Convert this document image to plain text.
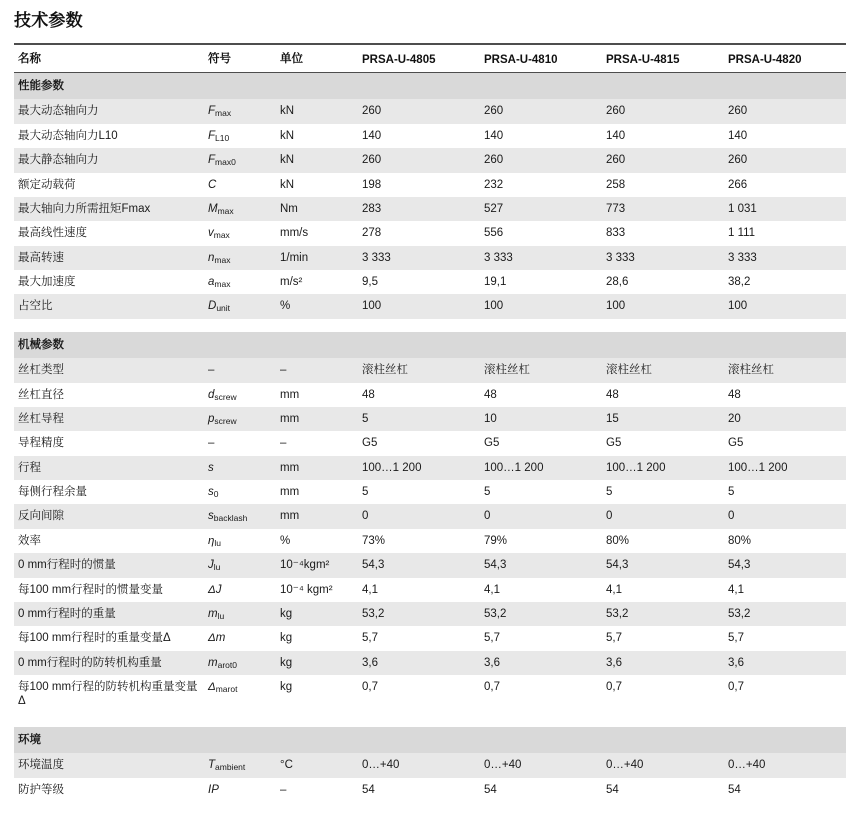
技术参数
名称	符号	单位	PRSA-U-4805	PRSA-U-4810	PRSA-U-4815	PRSA-U-4820
性能参数						
最大动态轴向力	$F_{max}$	kN	260	260	260	260
最大动态轴向力L10	$F_{L10}$	kN	140	140	140	140
最大静态轴向力	$F_{max0}$	kN	260	260	260	260
额定动载荷	C	kN	198	232	258	266
最大轴向力所需扭矩Fmax	$M_{max}$	Nm	283	527	773	1 031
最高线性速度	$v_{max}$	mm/s	278	556	833	1 111
最高转速	$n_{max}$	1/min	3 333	3 333	3 333	3 333
最大加速度	$a_{max}$	m/s²	9,5	19,1	28,6	38,2
占空比	$D_{unit}$	%	100	100	100	100

机械参数						
丝杠类型	–	–	滚柱丝杠	滚柱丝杠	滚柱丝杠	滚柱丝杠
丝杠直径	$d_{screw}$	mm	48	48	48	48
丝杠导程	$p_{screw}$	mm	5	10	15	20
导程精度	–	–	G5	G5	G5	G5
行程	s	mm	100…1 200	100…1 200	100…1 200	100…1 200
每侧行程余量	$s_0$	mm	5	5	5	5
反向间隙	$s_{backlash}$	mm	0	0	0	0
效率	$\eta_{lu}$	%	73%	79%	80%	80%
0 mm行程时的惯量	$J_{lu}$	10⁻⁴kgm²	54,3	54,3	54,3	54,3
每100 mm行程时的惯量变量	ΔJ	10⁻⁴ kgm²	4,1	4,1	4,1	4,1
0 mm行程时的重量	$m_{lu}$	kg	53,2	53,2	53,2	53,2
每100 mm行程时的重量变量Δ	Δm	kg	5,7	5,7	5,7	5,7
0 mm行程时的防转机构重量	$m_{arot0}$	kg	3,6	3,6	3,6	3,6
每100 mm行程的防转机构重量变量Δ	$\Delta_{marot}$	kg	0,7	0,7	0,7	0,7

环境						
环境温度	$T_{ambient}$	°C	0…+40	0…+40	0…+40	0…+40
防护等级	IP	–	54	54	54	54
